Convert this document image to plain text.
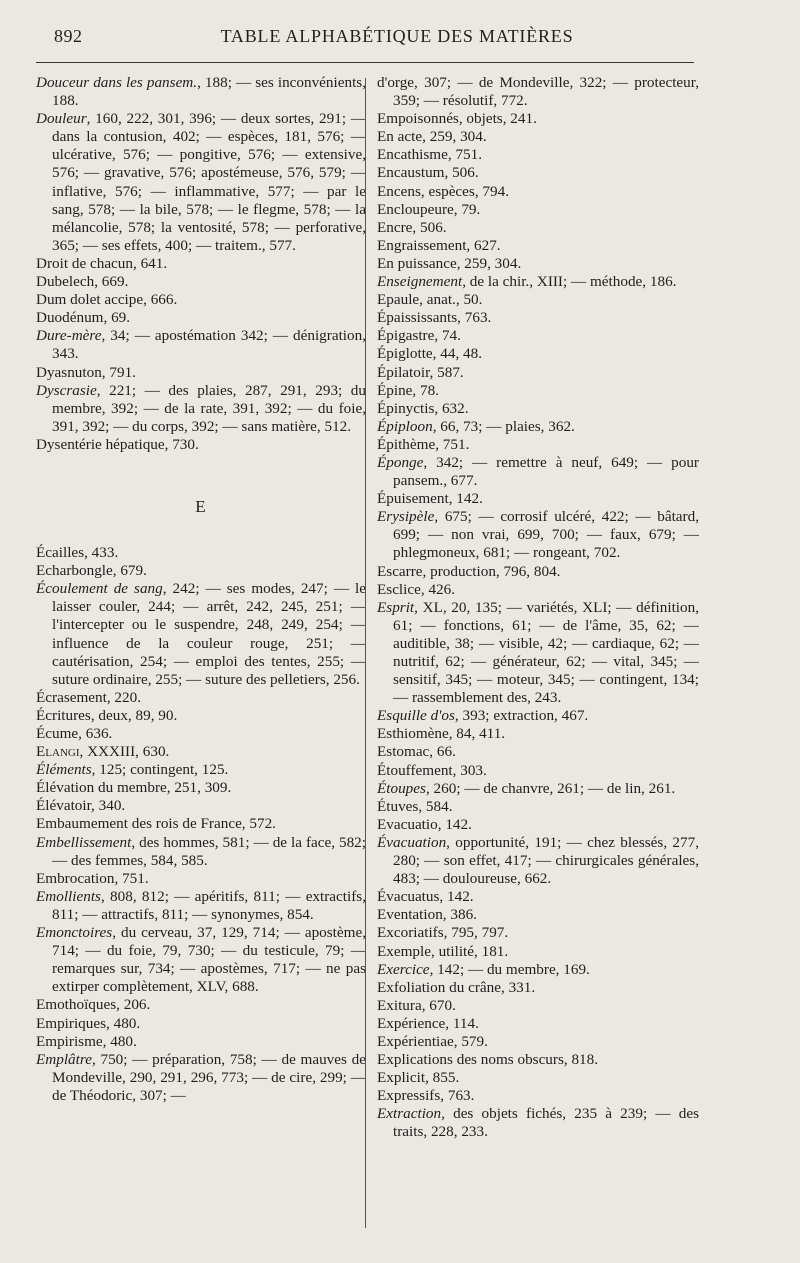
892	TABLE ALPHABÉTIQUE DES MATIÈRES

Douceur dans les pansem., 188; — ses inconvénients, 188.

Douleur, 160, 222, 301, 396; — deux sortes, 291; — dans la contusion, 402; — espèces, 181, 576; — ulcérative, 576; — pongitive, 576; — extensive, 576; — gravative, 576; apostémeuse, 576, 579; — inflative, 576; — inflammative, 577; — par le sang, 578; — la bile, 578; — le flegme, 578; — la mélancolie, 578; la ventosité, 578; — perforative, 365; — ses effets, 400; — traitem., 577.

Droit de chacun, 641.

Dubelech, 669.

Dum dolet accipe, 666.

Duodénum, 69.

Dure-mère, 34; — apostémation 342; — dénigration, 343.

Dyasnuton, 791.

Dyscrasie, 221; — des plaies, 287, 291, 293; du membre, 392; — de la rate, 391, 392; — du foie, 391, 392; — du corps, 392; — sans matière, 512.

Dysentérie hépatique, 730.

E

Écailles, 433.

Echarbongle, 679.

Écoulement de sang, 242; — ses modes, 247; — le laisser couler, 244; — arrêt, 242, 245, 251; — l'intercepter ou le suspendre, 248, 249, 254; — influence de la couleur rouge, 251; — cautérisation, 254; — emploi des tentes, 255; — suture ordinaire, 255; — suture des pelletiers, 256.

Écrasement, 220.

Écritures, deux, 89, 90.

Écume, 636.

Elangi, XXXIII, 630.

Éléments, 125; contingent, 125.

Élévation du membre, 251, 309.

Élévatoir, 340.

Embaumement des rois de France, 572.

Embellissement, des hommes, 581; — de la face, 582; — des femmes, 584, 585.

Embrocation, 751.

Emollients, 808, 812; — apéritifs, 811; — extractifs, 811; — attractifs, 811; — synonymes, 854.

Emonctoires, du cerveau, 37, 129, 714; — apostème, 714; — du foie, 79, 730; — du testicule, 79; — remarques sur, 734; — apostèmes, 717; — ne pas extirper complètement, XLV, 688.

Emothoïques, 206.

Empiriques, 480.

Empirisme, 480.

Emplâtre, 750; — préparation, 758; — de mauves de Mondeville, 290, 291, 296, 773; — de cire, 299; — de Théodoric, 307; —

d'orge, 307; — de Mondeville, 322; — protecteur, 359; — résolutif, 772.

Empoisonnés, objets, 241.

En acte, 259, 304.

Encathisme, 751.

Encaustum, 506.

Encens, espèces, 794.

Encloupeure, 79.

Encre, 506.

Engraissement, 627.

En puissance, 259, 304.

Enseignement, de la chir., XIII; — méthode, 186.

Epaule, anat., 50.

Épaississants, 763.

Épigastre, 74.

Épiglotte, 44, 48.

Épilatoir, 587.

Épine, 78.

Épinyctis, 632.

Épiploon, 66, 73; — plaies, 362.

Épithème, 751.

Éponge, 342; — remettre à neuf, 649; — pour pansem., 677.

Épuisement, 142.

Erysipèle, 675; — corrosif ulcéré, 422; — bâtard, 699; — non vrai, 699, 700; — faux, 679; — phlegmoneux, 681; — rongeant, 702.

Escarre, production, 796, 804.

Esclice, 426.

Esprit, XL, 20, 135; — variétés, XLI; — définition, 61; — fonctions, 61; — de l'âme, 35, 62; — auditible, 38; — visible, 42; — cardiaque, 62; — nutritif, 62; — générateur, 62; — vital, 345; — sensitif, 345; — moteur, 345; — contingent, 134; — rassemblement des, 243.

Esquille d'os, 393; extraction, 467.

Esthiomène, 84, 411.

Estomac, 66.

Étouffement, 303.

Étoupes, 260; — de chanvre, 261; — de lin, 261.

Étuves, 584.

Evacuatio, 142.

Évacuation, opportunité, 191; — chez blessés, 277, 280; — son effet, 417; — chirurgicales générales, 483; — douloureuse, 662.

Évacuatus, 142.

Eventation, 386.

Excoriatifs, 795, 797.

Exemple, utilité, 181.

Exercice, 142; — du membre, 169.

Exfoliation du crâne, 331.

Exitura, 670.

Expérience, 114.

Expérientiae, 579.

Explications des noms obscurs, 818.

Explicit, 855.

Expressifs, 763.

Extraction, des objets fichés, 235 à 239; — des traits, 228, 233.
